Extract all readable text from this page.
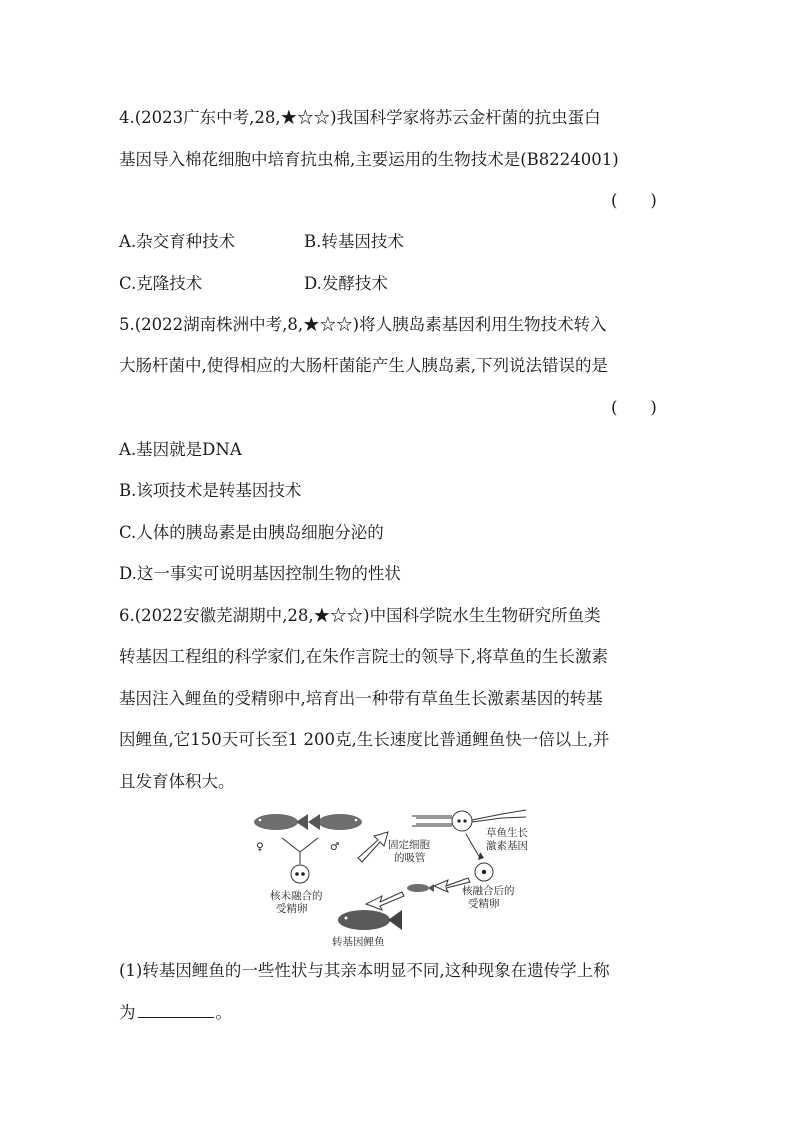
4.(2023广东中考,28,★☆☆)我国科学家将苏云金杆菌的抗虫蛋白
基因导入棉花细胞中培育抗虫棉,主要运用的生物技术是(B8224001)
(　　)
A.杂交育种技术	B.转基因技术
C.克隆技术	D.发酵技术
5.(2022湖南株洲中考,8,★☆☆)将人胰岛素基因利用生物技术转入
大肠杆菌中,使得相应的大肠杆菌能产生人胰岛素,下列说法错误的是
(　　)
A.基因就是DNA
B.该项技术是转基因技术
C.人体的胰岛素是由胰岛细胞分泌的
D.这一事实可说明基因控制生物的性状
6.(2022安徽芜湖期中,28,★☆☆)中国科学院水生生物研究所鱼类
转基因工程组的科学家们,在朱作言院士的领导下,将草鱼的生长激素
基因注入鲤鱼的受精卵中,培育出一种带有草鱼生长激素基因的转基
因鲤鱼,它150天可长至1 200克,生长速度比普通鲤鱼快一倍以上,并
且发育体积大。
♀	♂
核未融合的
受精卵
固定细胞
的吸管
草鱼生长
激素基因
核融合后的
受精卵
转基因鲤鱼
(1)转基因鲤鱼的一些性状与其亲本明显不同,这种现象在遗传学上称
为	。
